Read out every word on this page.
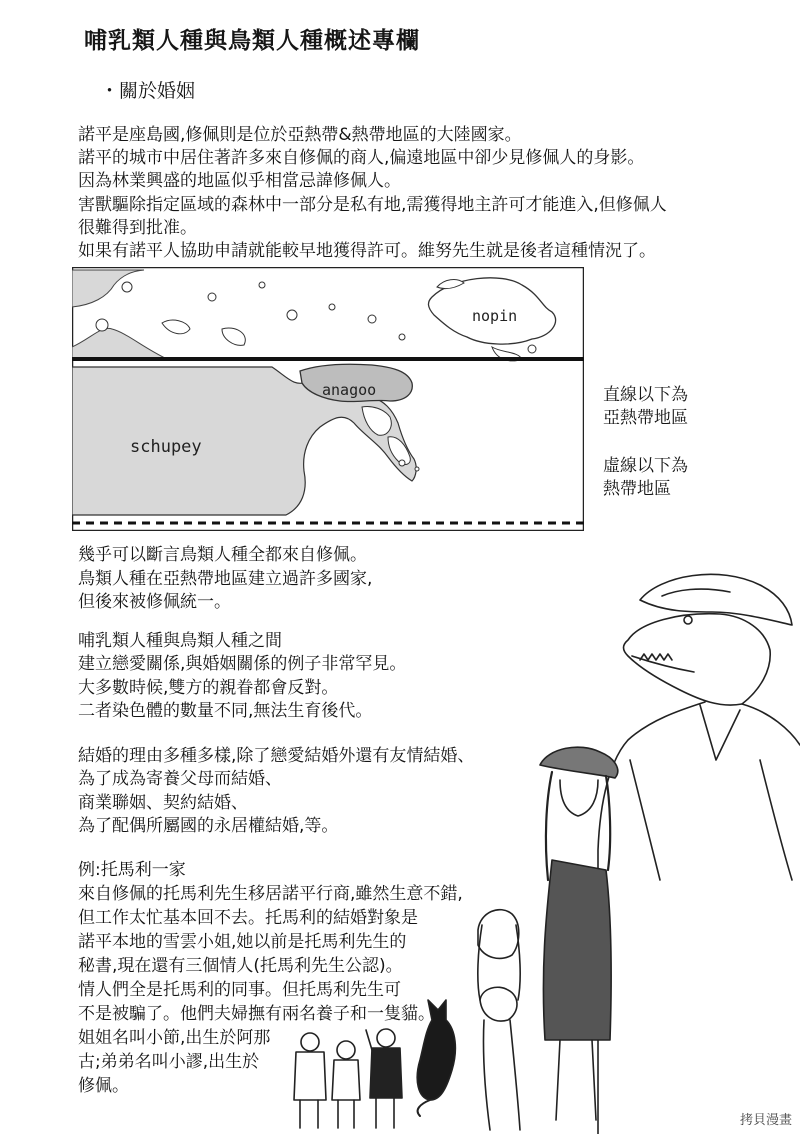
哺乳類人種與鳥類人種概述專欄
・關於婚姻
諾平是座島國,修佩則是位於亞熱帶&熱帶地區的大陸國家。
諾平的城市中居住著許多來自修佩的商人,偏遠地區中卻少見修佩人的身影。
因為林業興盛的地區似乎相當忌諱修佩人。
害獸驅除指定區域的森林中一部分是私有地,需獲得地主許可才能進入,但修佩人
很難得到批准。
如果有諾平人協助申請就能較早地獲得許可。維努先生就是後者這種情況了。
nopin
anagoo
schupey
直線以下為
亞熱帶地區
虛線以下為
熱帶地區
幾乎可以斷言鳥類人種全都來自修佩。
鳥類人種在亞熱帶地區建立過許多國家,
但後來被修佩統一。
哺乳類人種與鳥類人種之間
建立戀愛關係,與婚姻關係的例子非常罕見。
大多數時候,雙方的親眷都會反對。
二者染色體的數量不同,無法生育後代。
結婚的理由多種多樣,除了戀愛結婚外還有友情結婚、
為了成為寄養父母而結婚、
商業聯姻、契約結婚、
為了配偶所屬國的永居權結婚,等。
例:托馬利一家
來自修佩的托馬利先生移居諾平行商,雖然生意不錯,
但工作太忙基本回不去。托馬利的結婚對象是
諾平本地的雪雲小姐,她以前是托馬利先生的
秘書,現在還有三個情人(托馬利先生公認)。
情人們全是托馬利的同事。但托馬利先生可
不是被騙了。他們夫婦撫有兩名養子和一隻貓。
姐姐名叫小節,出生於阿那
古;弟弟名叫小謬,出生於
修佩。
拷貝漫畫
